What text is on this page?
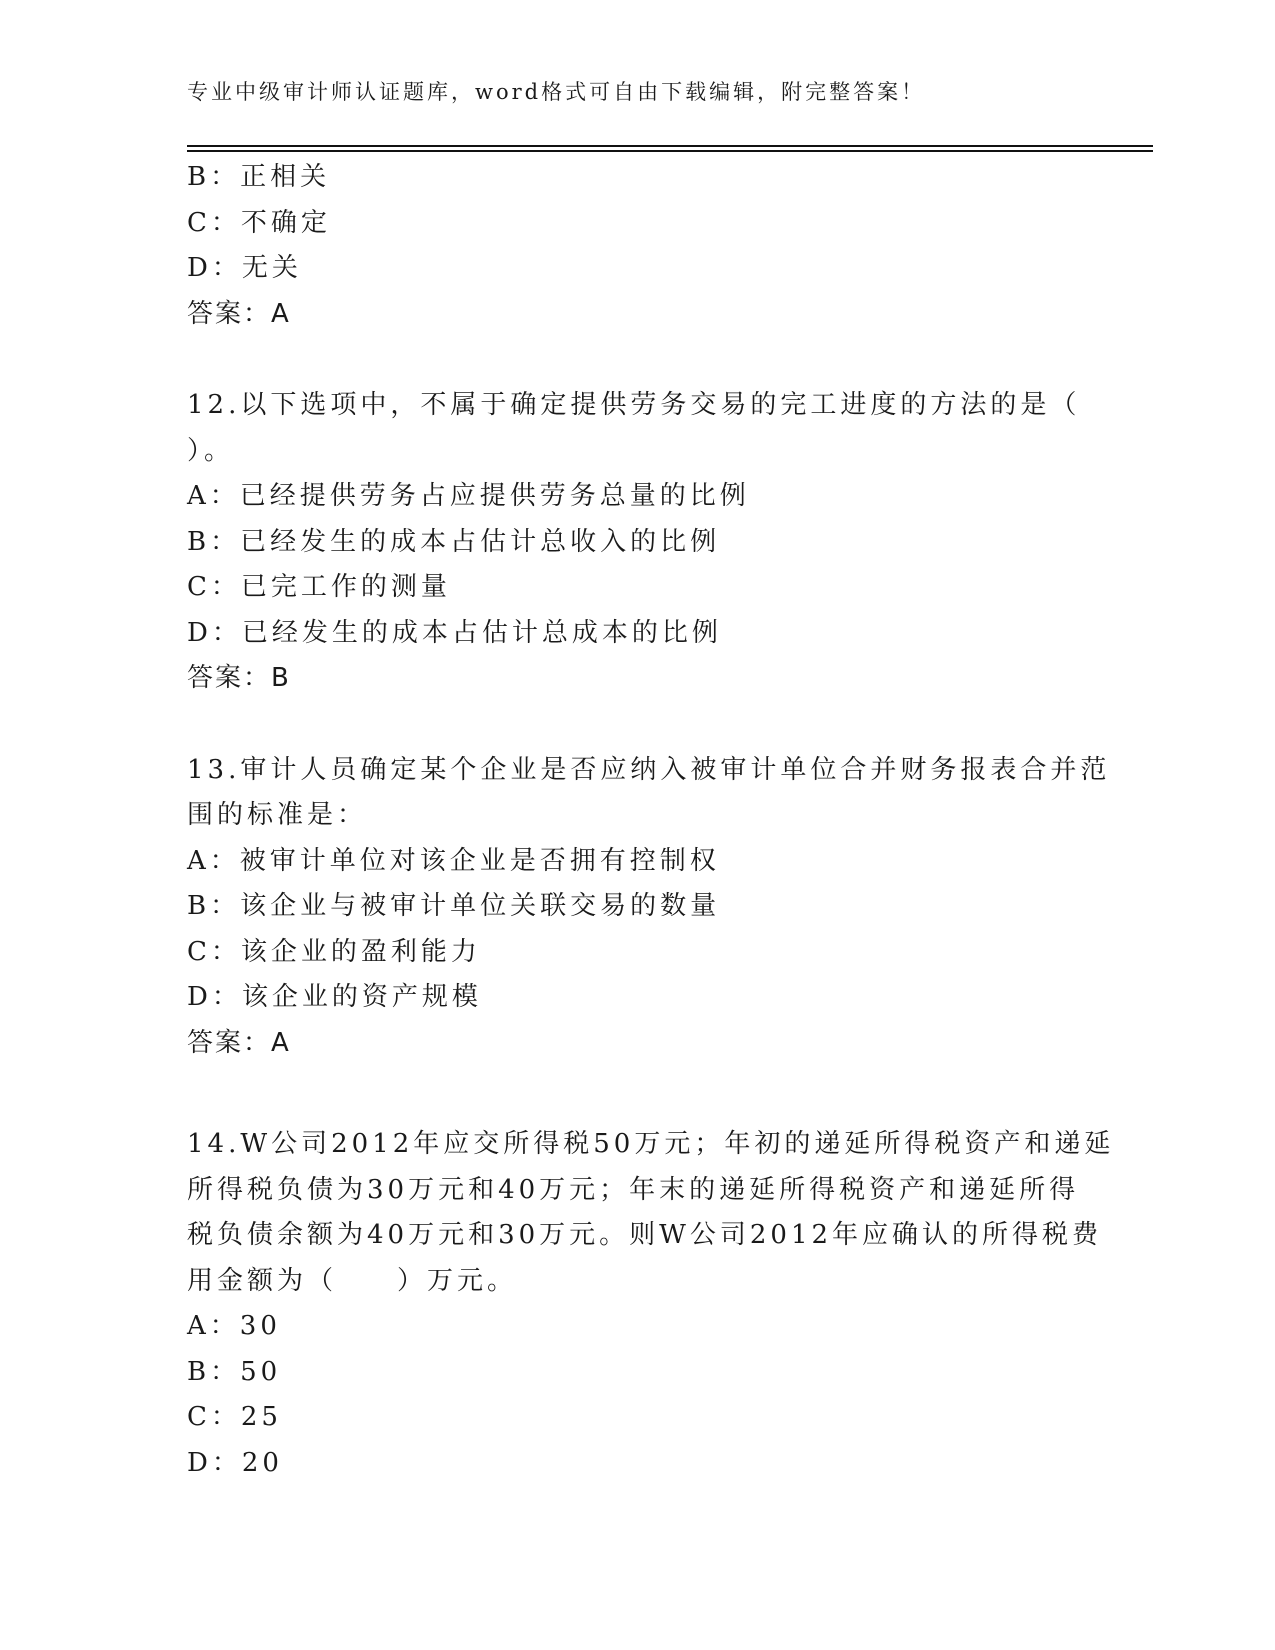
专业中级审计师认证题库，word格式可自由下载编辑，附完整答案！
B：正相关
C：不确定
D：无关
答案：A
12.以下选项中，不属于确定提供劳务交易的完工进度的方法的是（
）。
A：已经提供劳务占应提供劳务总量的比例
B：已经发生的成本占估计总收入的比例
C：已完工作的测量
D：已经发生的成本占估计总成本的比例
答案：B
13.审计人员确定某个企业是否应纳入被审计单位合并财务报表合并范
围的标准是：
A：被审计单位对该企业是否拥有控制权
B：该企业与被审计单位关联交易的数量
C：该企业的盈利能力
D：该企业的资产规模
答案：A
14.W公司2012年应交所得税50万元；年初的递延所得税资产和递延
所得税负债为30万元和40万元；年末的递延所得税资产和递延所得
税负债余额为40万元和30万元。则W公司2012年应确认的所得税费
用金额为（　　）万元。
A：30
B：50
C：25
D：20
